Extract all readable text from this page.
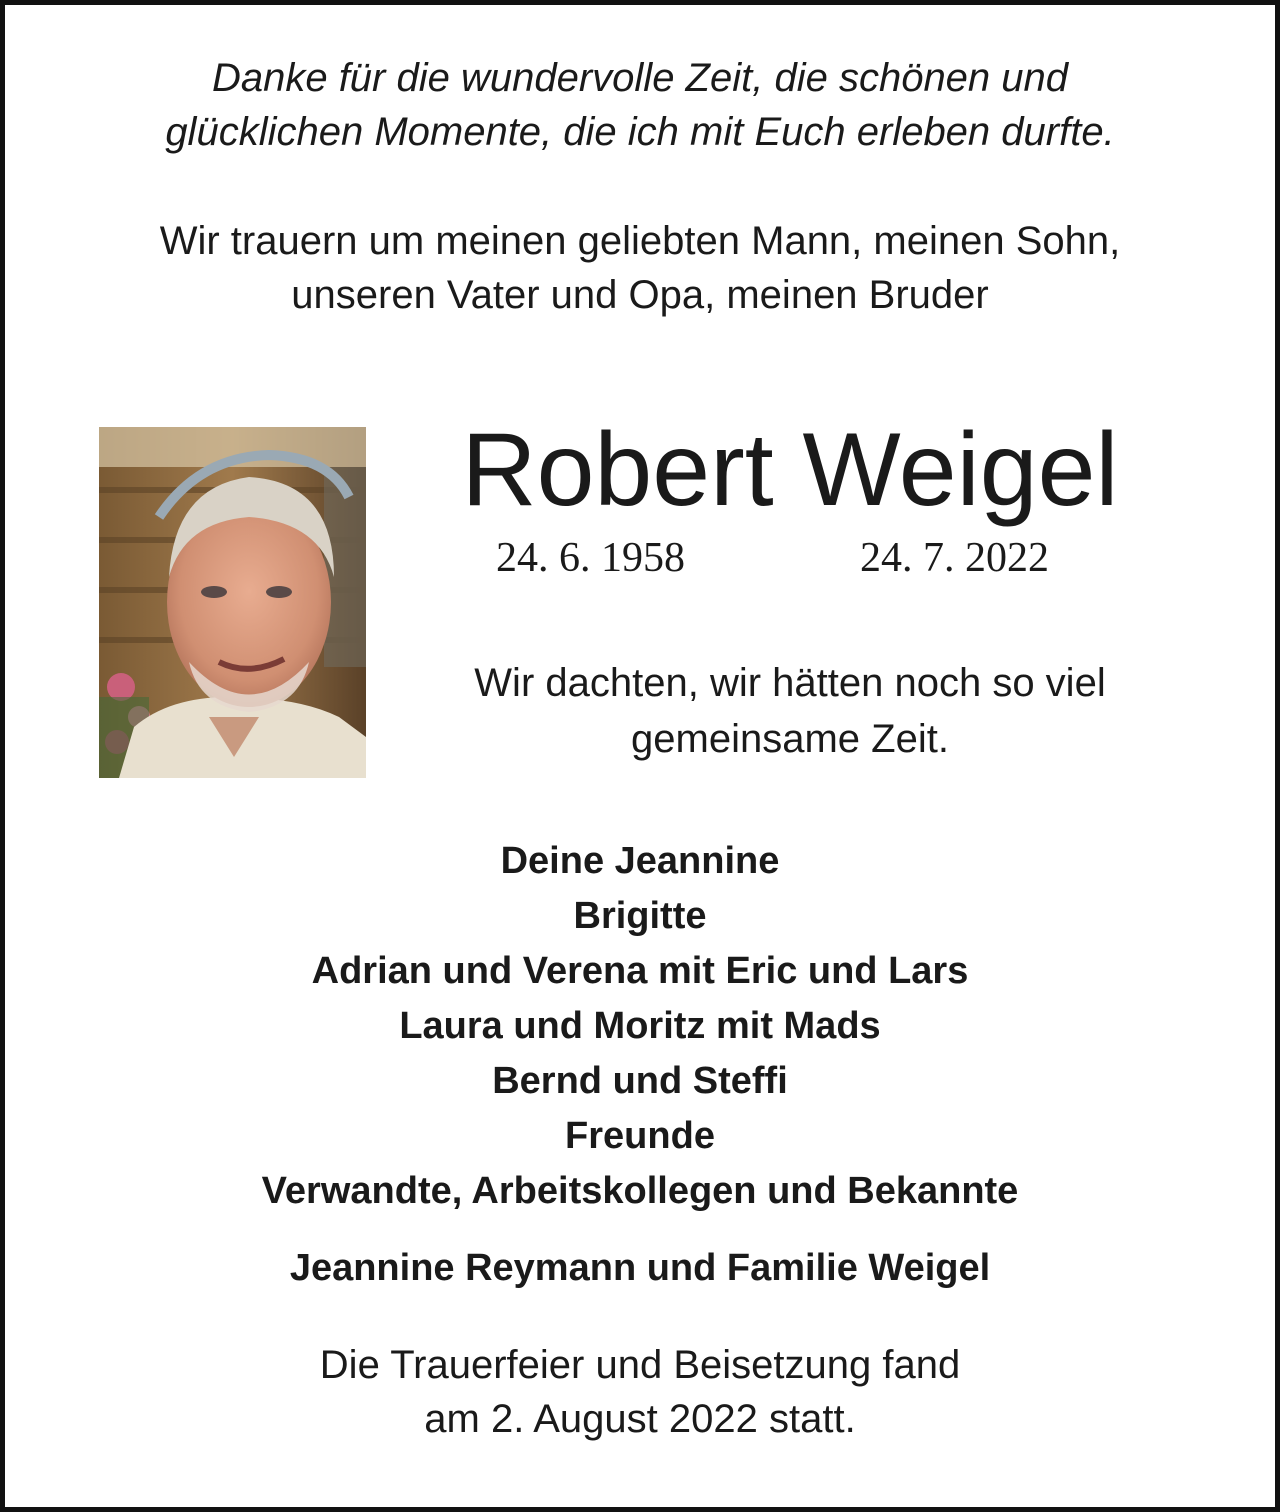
Danke für die wundervolle Zeit, die schönen und

glücklichen Momente, die ich mit Euch erleben durfte.

Wir trauern um meinen geliebten Mann, meinen Sohn,

unseren Vater und Opa, meinen Bruder

Robert Weigel

24. 6. 1958	24. 7. 2022

Wir dachten, wir hätten noch so viel

gemeinsame Zeit.

Deine Jeannine

Brigitte

Adrian und Verena mit Eric und Lars

Laura und Moritz mit Mads

Bernd und Steffi

Freunde

Verwandte, Arbeitskollegen und Bekannte

Jeannine Reymann und Familie Weigel

Die Trauerfeier und Beisetzung fand

am 2. August 2022 statt.
